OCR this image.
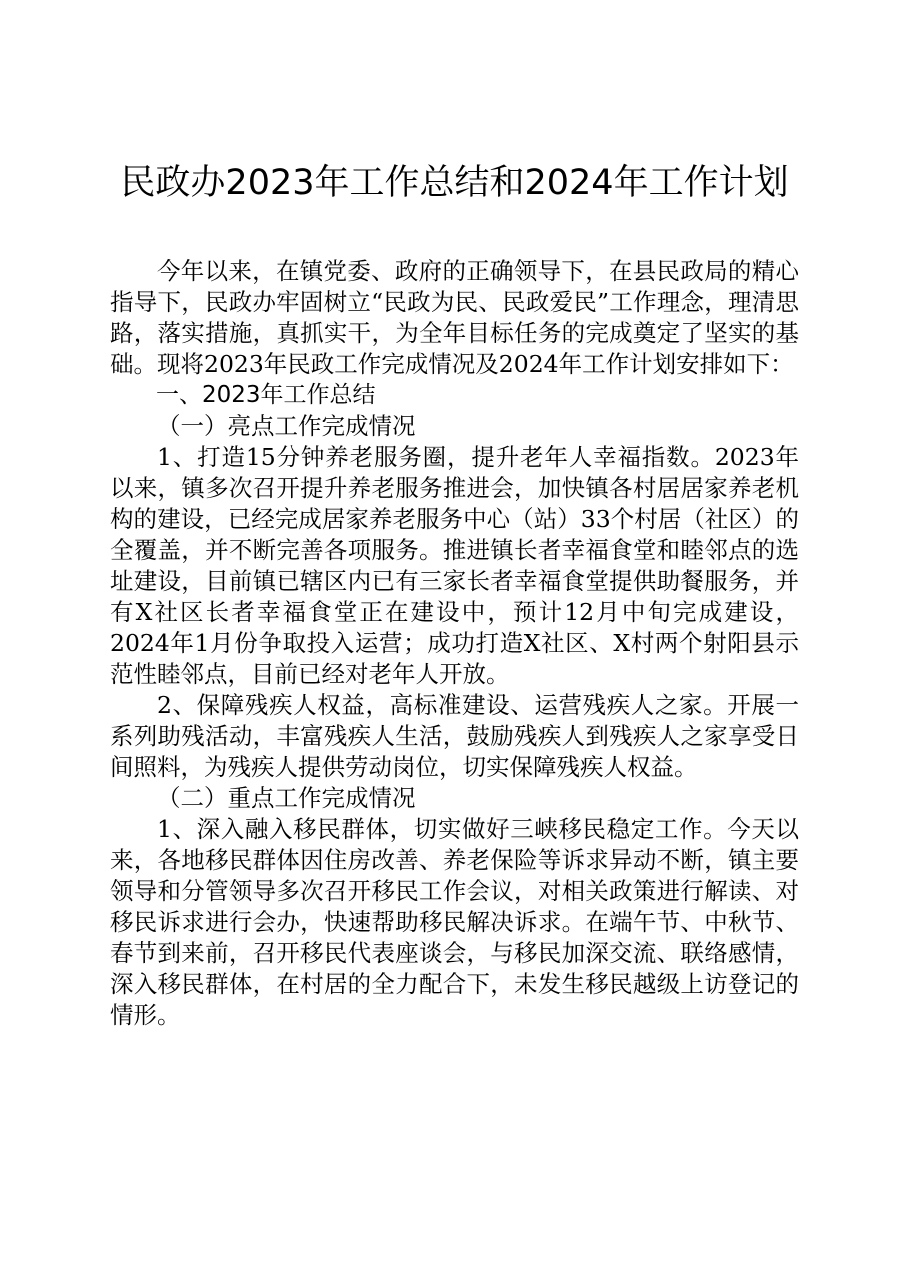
民政办2023年工作总结和2024年工作计划

今年以来，在镇党委、政府的正确领导下，在县民政局的精心指导下，民政办牢固树立“民政为民、民政爱民”工作理念，理清思路，落实措施，真抓实干，为全年目标任务的完成奠定了坚实的基础。现将2023年民政工作完成情况及2024年工作计划安排如下：

一、2023年工作总结

（一）亮点工作完成情况

1、打造15分钟养老服务圈，提升老年人幸福指数。2023年以来，镇多次召开提升养老服务推进会，加快镇各村居居家养老机构的建设，已经完成居家养老服务中心（站）33个村居（社区）的全覆盖，并不断完善各项服务。推进镇长者幸福食堂和睦邻点的选址建设，目前镇已辖区内已有三家长者幸福食堂提供助餐服务，并有X社区长者幸福食堂正在建设中，预计12月中旬完成建设，2024年1月份争取投入运营；成功打造X社区、X村两个射阳县示范性睦邻点，目前已经对老年人开放。

2、保障残疾人权益，高标准建设、运营残疾人之家。开展一系列助残活动，丰富残疾人生活，鼓励残疾人到残疾人之家享受日间照料，为残疾人提供劳动岗位，切实保障残疾人权益。

（二）重点工作完成情况

1、深入融入移民群体，切实做好三峡移民稳定工作。今天以来，各地移民群体因住房改善、养老保险等诉求异动不断，镇主要领导和分管领导多次召开移民工作会议，对相关政策进行解读、对移民诉求进行会办，快速帮助移民解决诉求。在端午节、中秋节、春节到来前，召开移民代表座谈会，与移民加深交流、联络感情，深入移民群体，在村居的全力配合下，未发生移民越级上访登记的情形。
